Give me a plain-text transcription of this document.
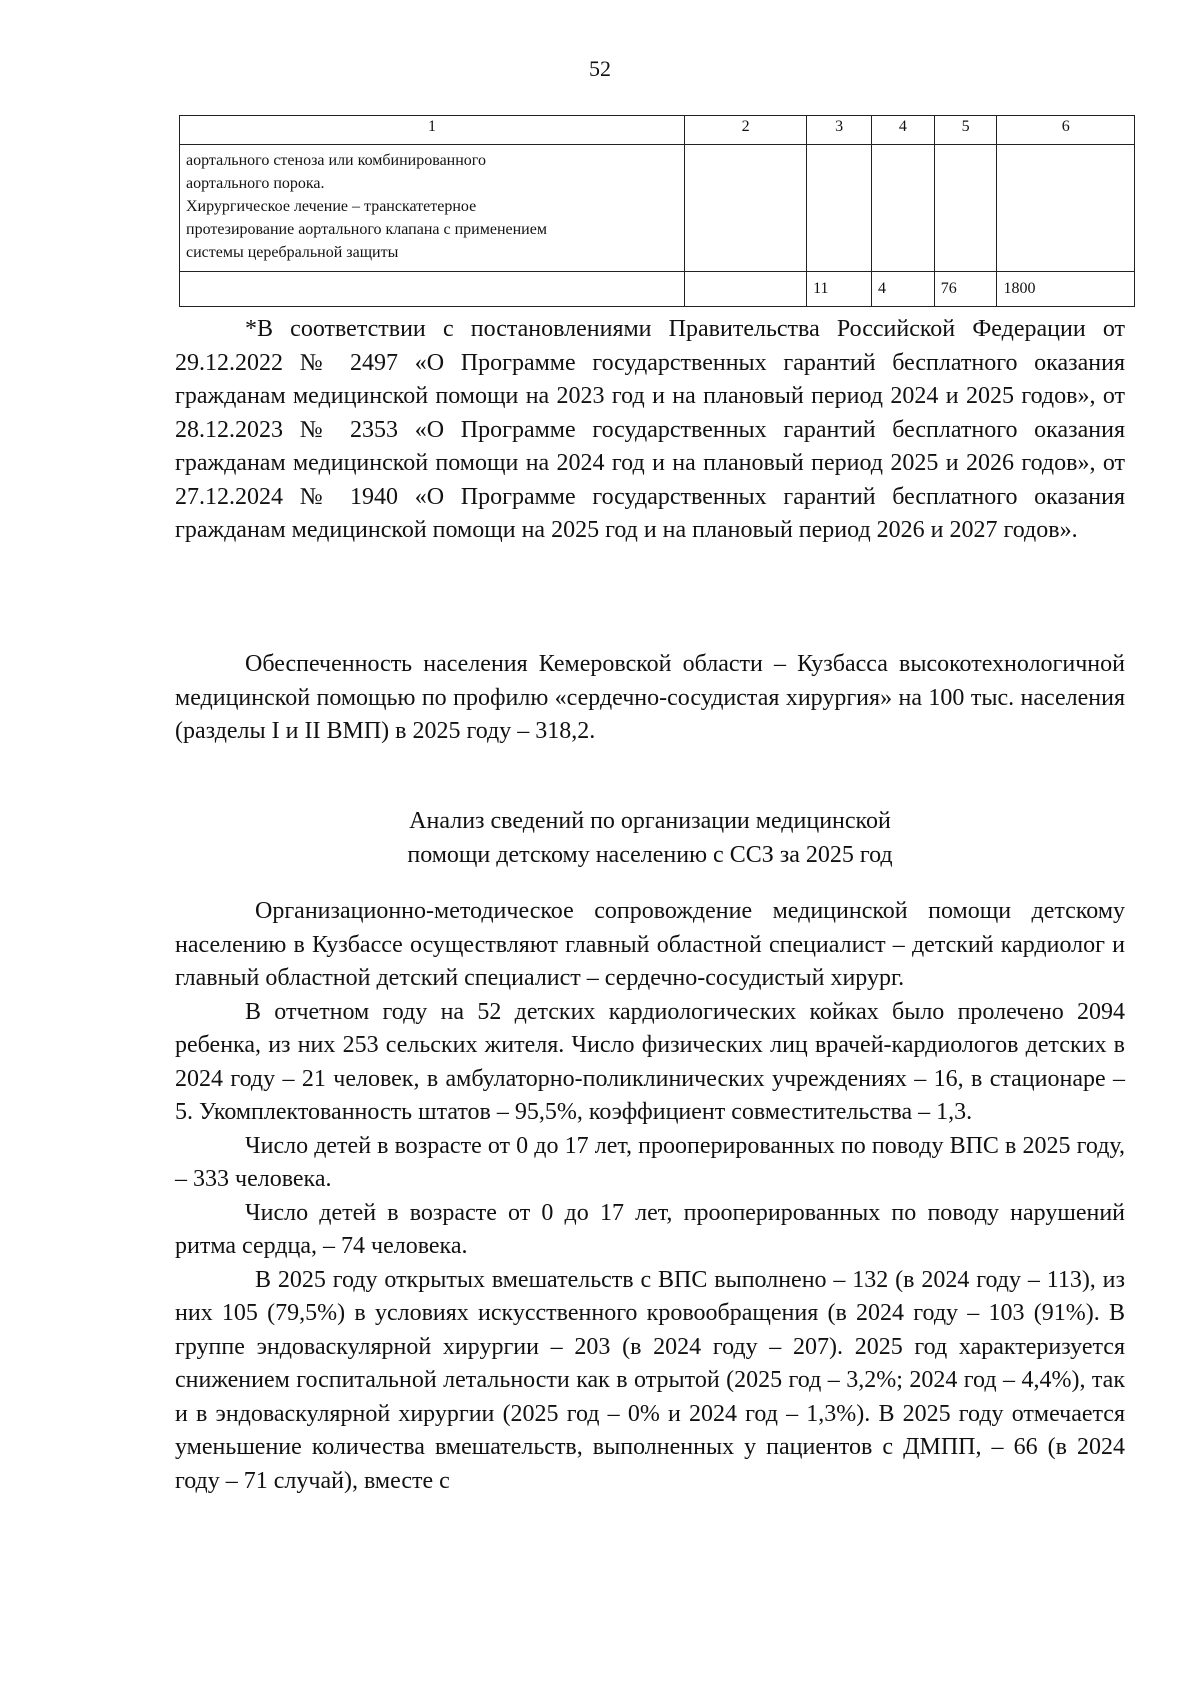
52
1	2	3	4	5	6

аортального стеноза или комбинированного
аортального порока.
Хирургическое лечение – транскатетерное
протезирование аортального клапана с применением
системы церебральной защиты					

		11	4	76	1800

*В соответствии с постановлениями Правительства Российской Федерации от 29.12.2022 № 2497 «О Программе государственных гарантий бесплатного оказания гражданам медицинской помощи на 2023 год и на плановый период 2024 и 2025 годов», от 28.12.2023 № 2353 «О Программе государственных гарантий бесплатного оказания гражданам медицинской помощи на 2024 год и на плановый период 2025 и 2026 годов», от 27.12.2024 № 1940 «О Программе государственных гарантий бесплатного оказания гражданам медицинской помощи на 2025 год и на плановый период 2026 и 2027 годов».

Обеспеченность населения Кемеровской области – Кузбасса высокотехнологичной медицинской помощью по профилю «сердечно-сосудистая хирургия» на 100 тыс. населения (разделы I и II ВМП) в 2025 году – 318,2.

Анализ сведений по организации медицинской
помощи детскому населению с ССЗ за 2025 год

Организационно-методическое сопровождение медицинской помощи детскому населению в Кузбассе осуществляют главный областной специалист – детский кардиолог и главный областной детский специалист – сердечно-сосудистый хирург.

В отчетном году на 52 детских кардиологических койках было пролечено 2094 ребенка, из них 253 сельских жителя. Число физических лиц врачей-кардиологов детских в 2024 году – 21 человек, в амбулаторно-поликлинических учреждениях – 16, в стационаре – 5. Укомплектованность штатов – 95,5%, коэффициент совместительства – 1,3.

Число детей в возрасте от 0 до 17 лет, прооперированных по поводу ВПС в 2025 году, – 333 человека.

Число детей в возрасте от 0 до 17 лет, прооперированных по поводу нарушений ритма сердца, – 74 человека.

В 2025 году открытых вмешательств с ВПС выполнено – 132 (в 2024 году – 113), из них 105 (79,5%) в условиях искусственного кровообращения (в 2024 году – 103 (91%). В группе эндоваскулярной хирургии – 203 (в 2024 году – 207). 2025 год характеризуется снижением госпитальной летальности как в отрытой (2025 год – 3,2%; 2024 год – 4,4%), так и в эндоваскулярной хирургии (2025 год – 0% и 2024 год – 1,3%). В 2025 году отмечается уменьшение количества вмешательств, выполненных у пациентов с ДМПП, – 66 (в 2024 году – 71 случай), вместе с
